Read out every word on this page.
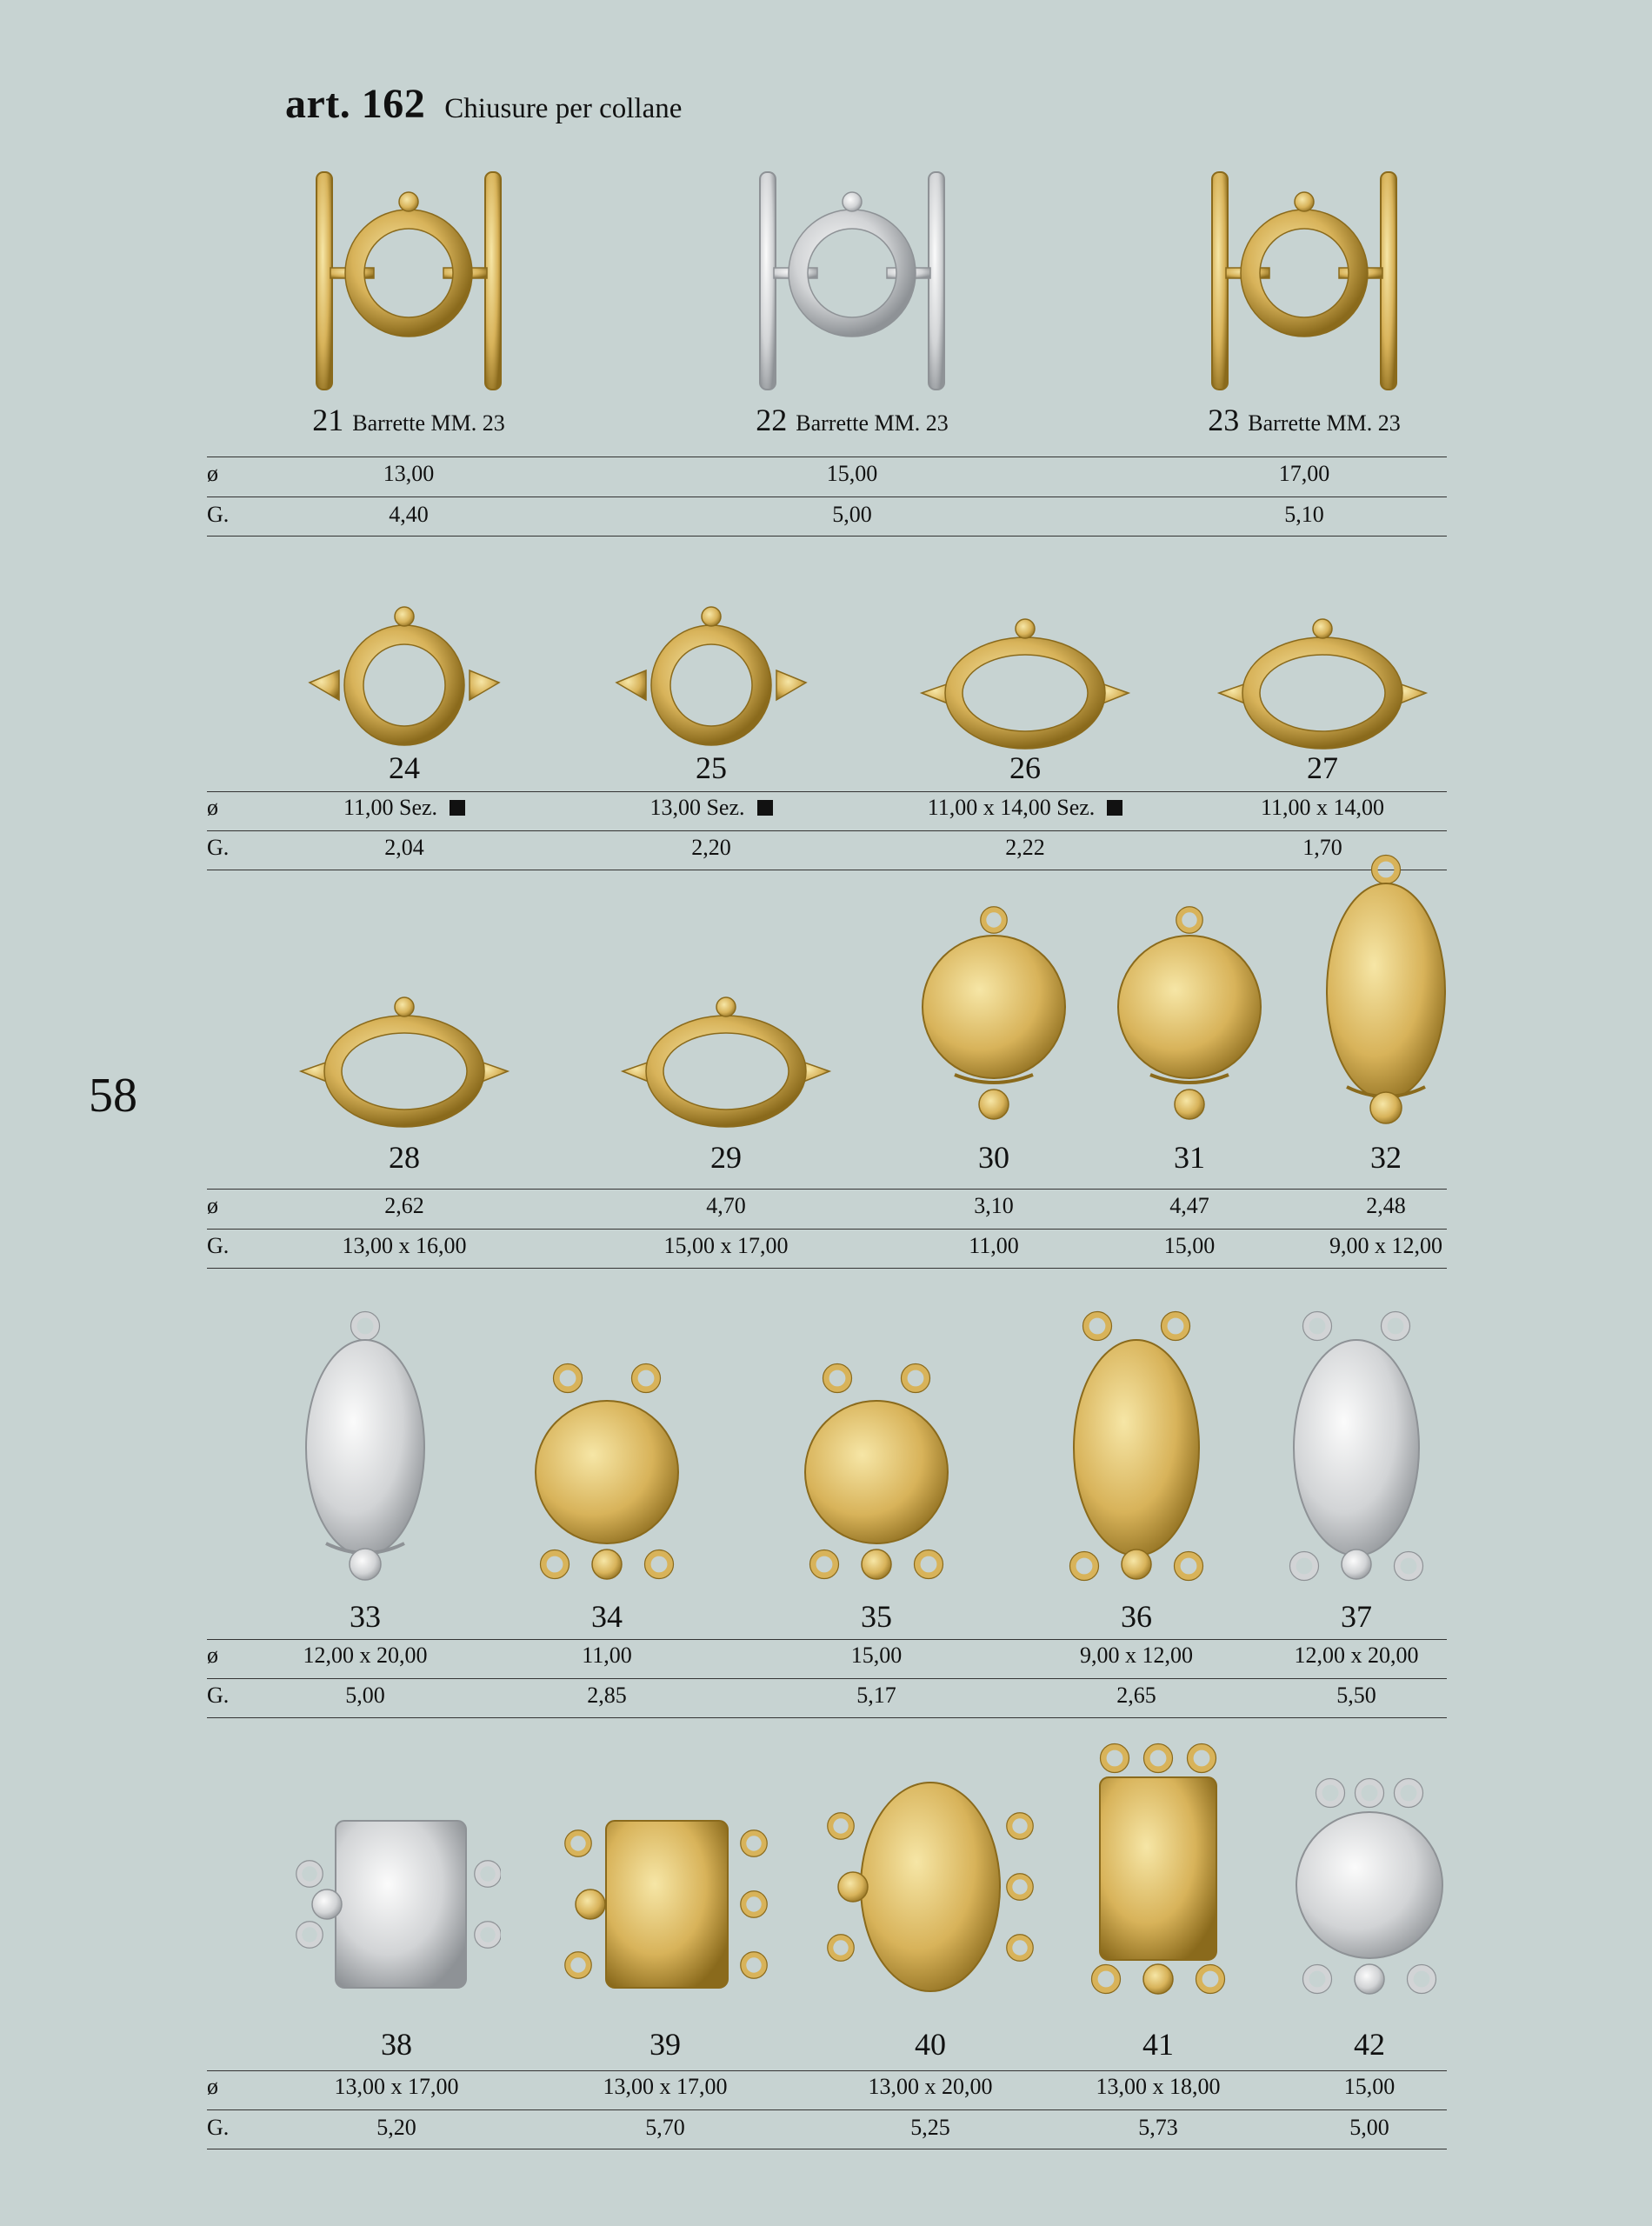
art. 162 Chiusure per collane
58
21 Barrette MM. 23
13,00
4,40
22 Barrette MM. 23
15,00
5,00
23 Barrette MM. 23
17,00
5,10
ø
G.
24
11,00 Sez.
2,04
25
13,00 Sez.
2,20
26
11,00 x 14,00 Sez.
2,22
27
11,00 x 14,00
1,70
ø
G.
28
2,62
13,00 x 16,00
29
4,70
15,00 x 17,00
30
3,10
11,00
31
4,47
15,00
32
2,48
9,00 x 12,00
ø
G.
33
12,00 x 20,00
5,00
34
11,00
2,85
35
15,00
5,17
36
9,00 x 12,00
2,65
37
12,00 x 20,00
5,50
ø
G.
38
13,00 x 17,00
5,20
39
13,00 x 17,00
5,70
40
13,00 x 20,00
5,25
41
13,00 x 18,00
5,73
42
15,00
5,00
ø
G.
